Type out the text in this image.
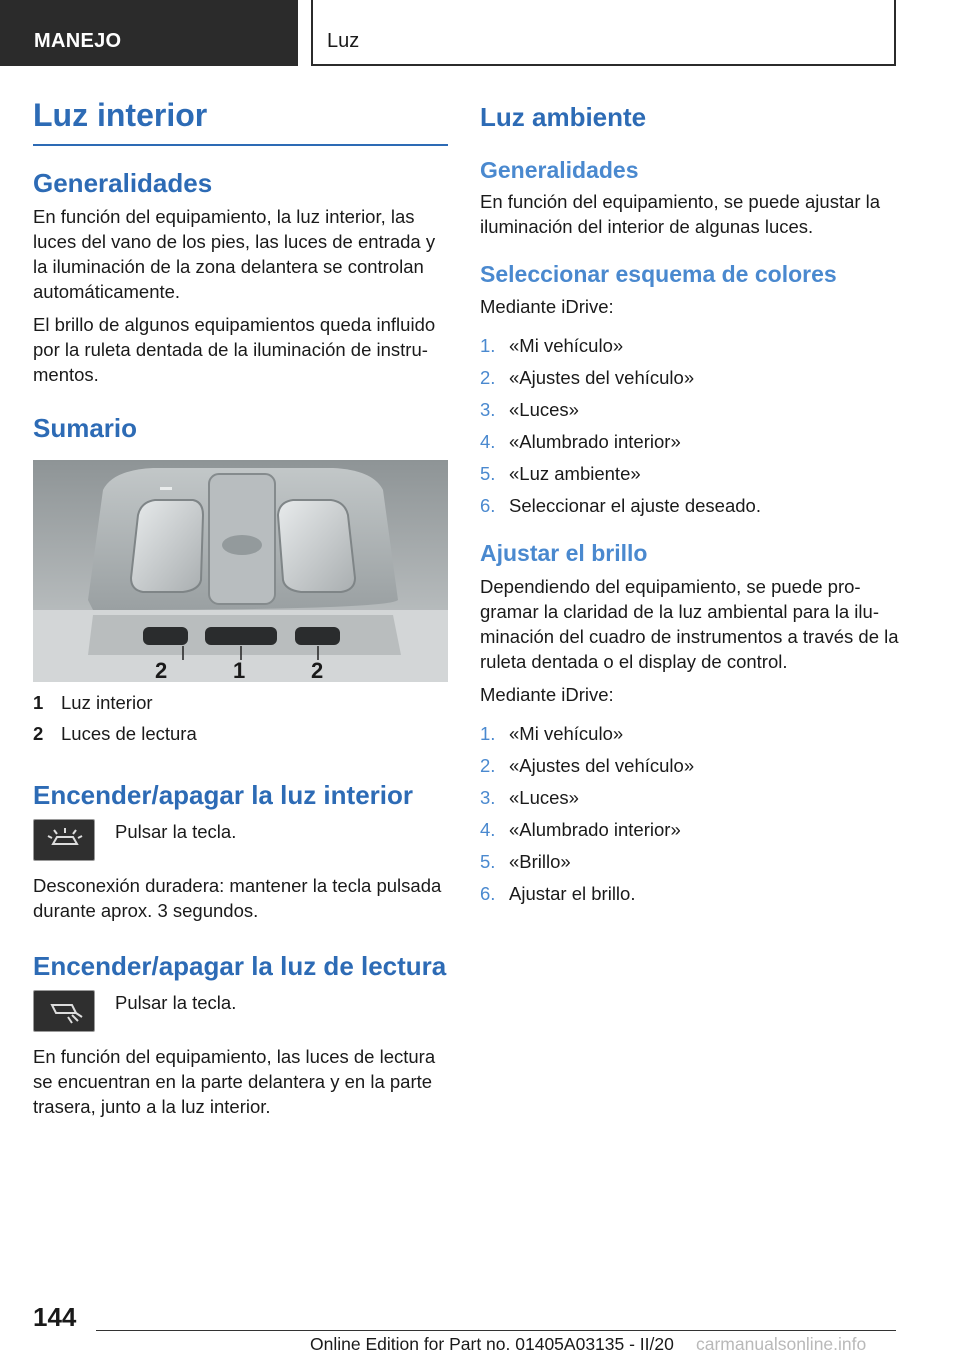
MANEJO	Luz
Luz interior
Generalidades

En función del equipamiento, la luz interior, las luces del vano de los pies, las luces de entrada y la iluminación de la zona delantera se controlan automáticamente.

El brillo de algunos equipamientos queda influido por la ruleta dentada de la iluminación de instrumentos.

Sumario
2	1	2
1 Luz interior
2 Luces de lectura
Encender/apagar la luz interior

Pulsar la tecla.

Desconexión duradera: mantener la tecla pulsada durante aprox. 3 segundos.

Encender/apagar la luz de lectura

Pulsar la tecla.

En función del equipamiento, las luces de lectura se encuentran en la parte delantera y en la parte trasera, junto a la luz interior.

Luz ambiente
Generalidades

En función del equipamiento, se puede ajustar la iluminación del interior de algunas luces.

Seleccionar esquema de colores

Mediante iDrive:

1. «Mi vehículo»
2. «Ajustes del vehículo»
3. «Luces»
4. «Alumbrado interior»
5. «Luz ambiente»
6. Seleccionar el ajuste deseado.
Ajustar el brillo

Dependiendo del equipamiento, se puede programar la claridad de la luz ambiental para la iluminación del cuadro de instrumentos a través de la ruleta dentada o el display de control.

Mediante iDrive:

1. «Mi vehículo»
2. «Ajustes del vehículo»
3. «Luces»
4. «Alumbrado interior»
5. «Brillo»
6. Ajustar el brillo.
144
Online Edition for Part no. 01405A03135 - II/20 carmanualsonline.info
